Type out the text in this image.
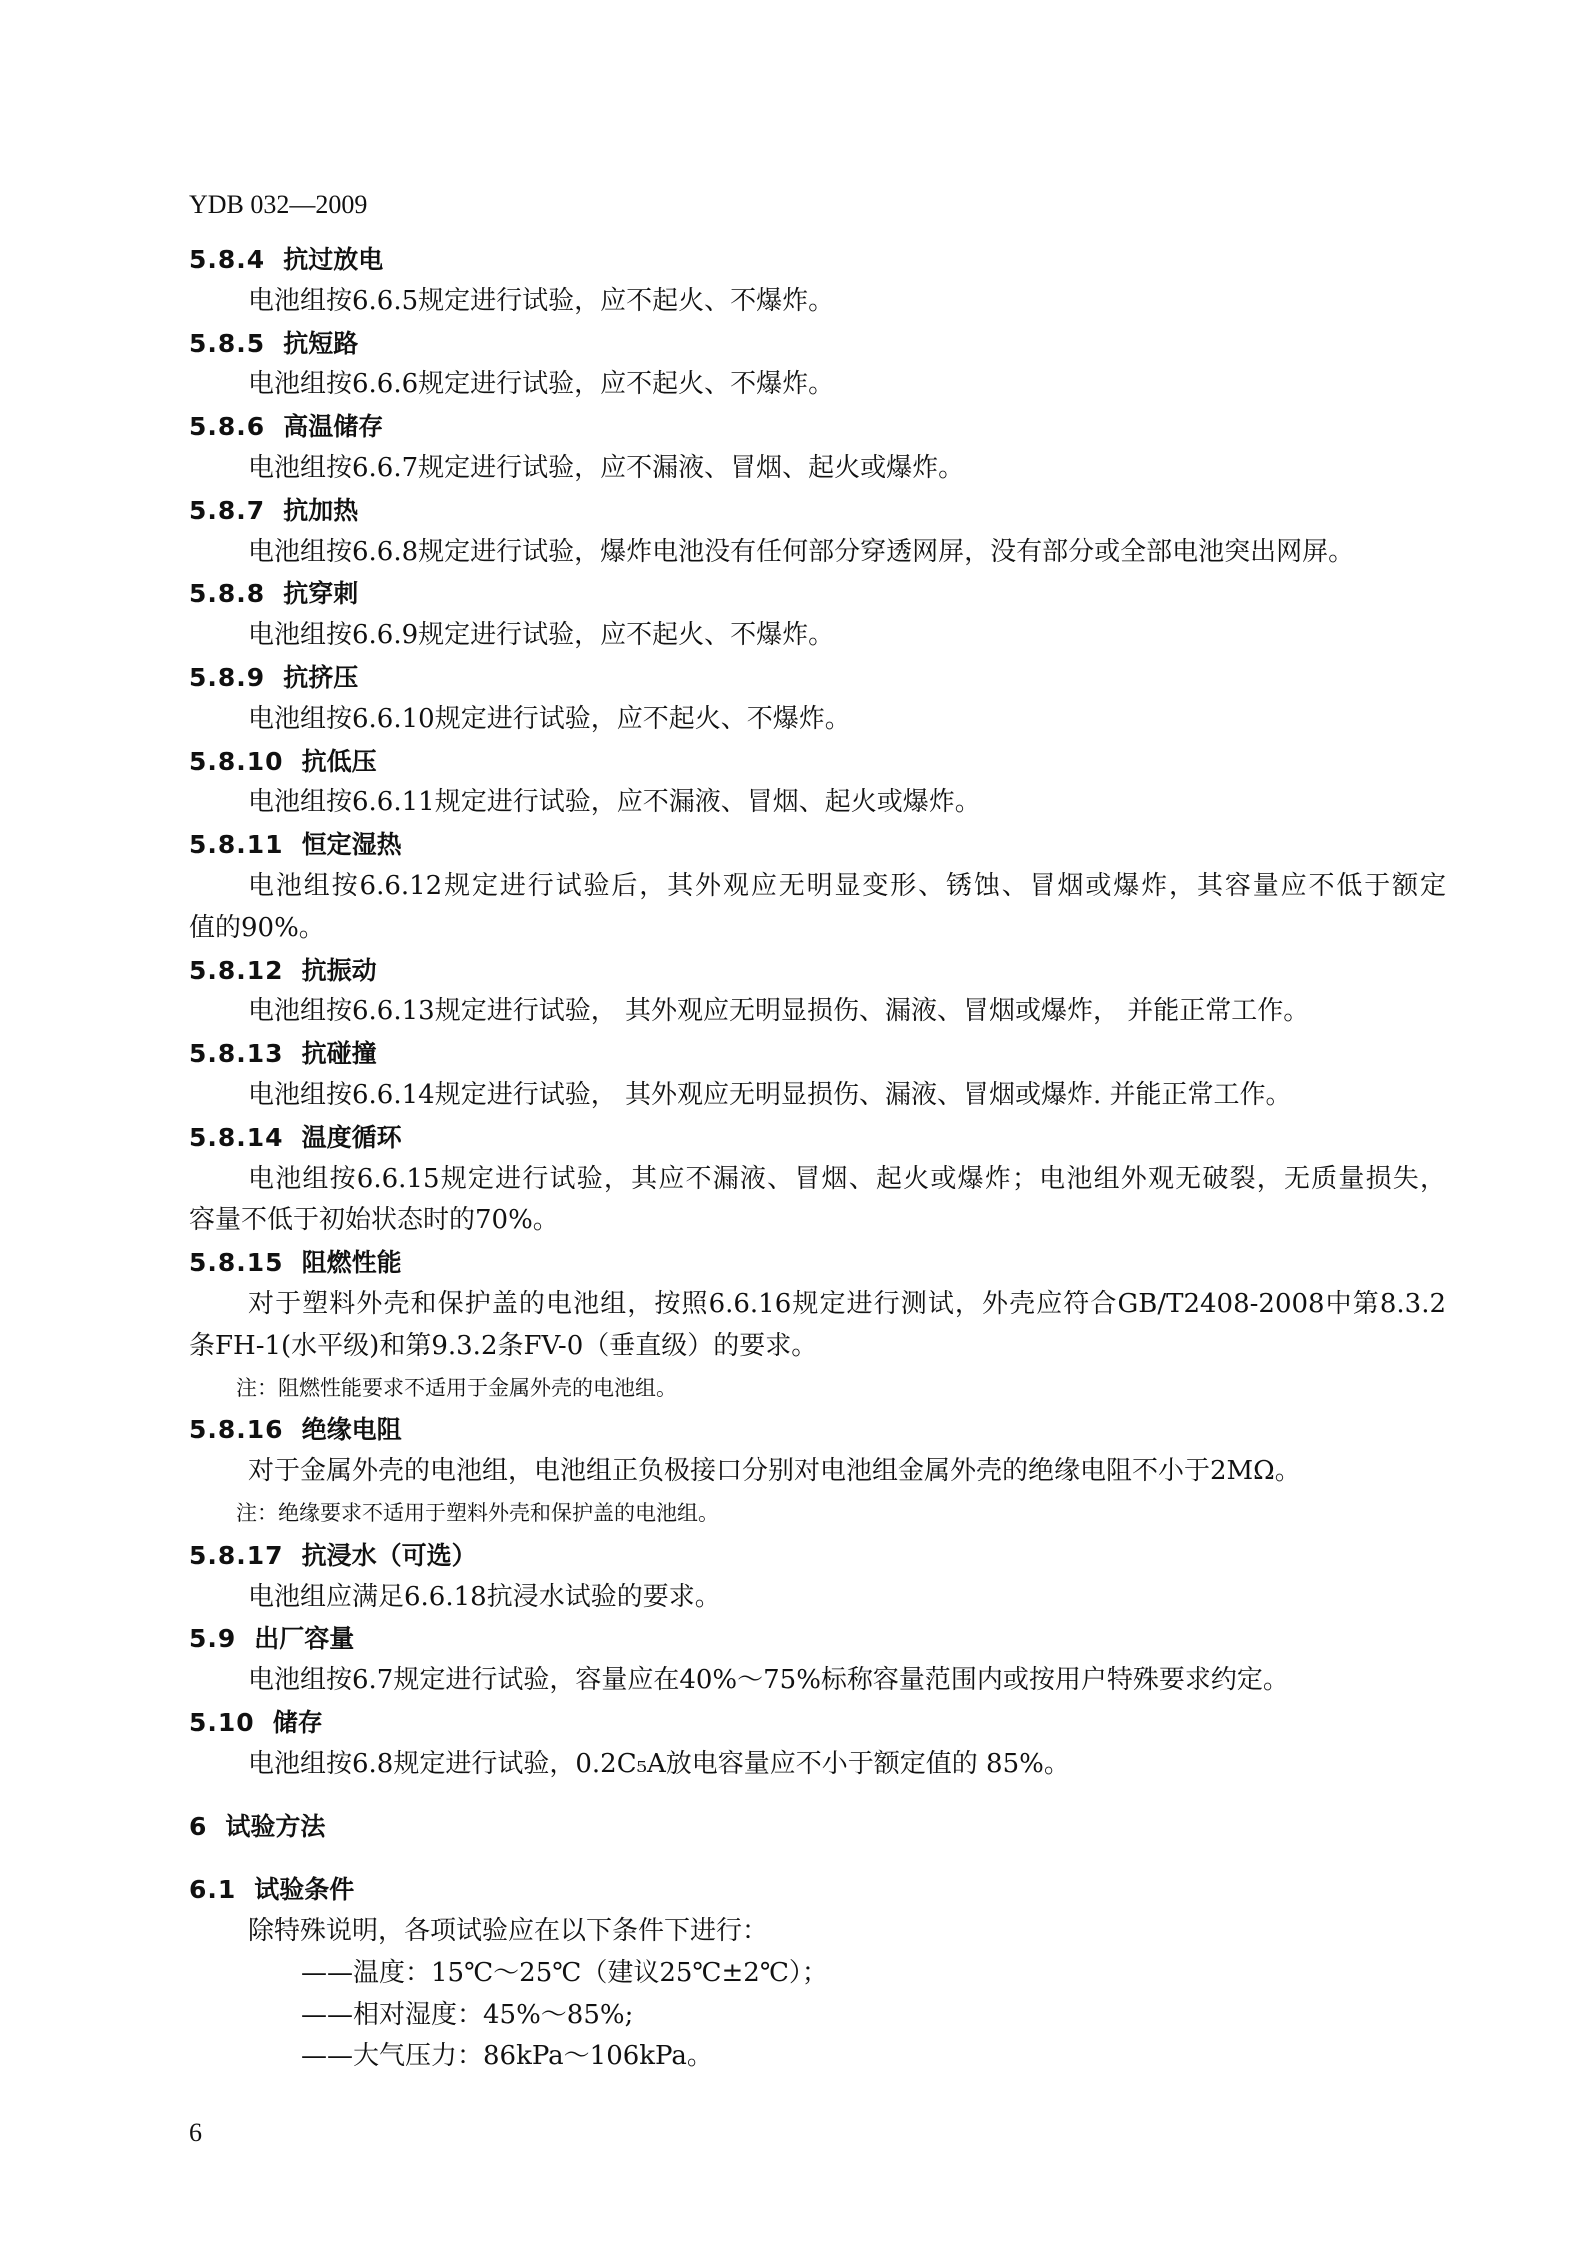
YDB 032—2009
5.8.4 抗过放电
电池组按6.6.5规定进行试验，应不起火、不爆炸。
5.8.5 抗短路
电池组按6.6.6规定进行试验，应不起火、不爆炸。
5.8.6 高温储存
电池组按6.6.7规定进行试验，应不漏液、冒烟、起火或爆炸。
5.8.7 抗加热
电池组按6.6.8规定进行试验，爆炸电池没有任何部分穿透网屏，没有部分或全部电池突出网屏。
5.8.8 抗穿刺
电池组按6.6.9规定进行试验，应不起火、不爆炸。
5.8.9 抗挤压
电池组按6.6.10规定进行试验，应不起火、不爆炸。
5.8.10 抗低压
电池组按6.6.11规定进行试验，应不漏液、冒烟、起火或爆炸。
5.8.11 恒定湿热
电池组按6.6.12规定进行试验后，其外观应无明显变形、锈蚀、冒烟或爆炸，其容量应不低于额定
值的90%。
5.8.12 抗振动
电池组按6.6.13规定进行试验， 其外观应无明显损伤、漏液、冒烟或爆炸， 并能正常工作。
5.8.13 抗碰撞
电池组按6.6.14规定进行试验， 其外观应无明显损伤、漏液、冒烟或爆炸. 并能正常工作。
5.8.14 温度循环
电池组按6.6.15规定进行试验，其应不漏液、冒烟、起火或爆炸；电池组外观无破裂，无质量损失，
容量不低于初始状态时的70%。
5.8.15 阻燃性能
对于塑料外壳和保护盖的电池组，按照6.6.16规定进行测试，外壳应符合GB/T2408-2008中第8.3.2
条FH-1(水平级)和第9.3.2条FV-0（垂直级）的要求。
注：阻燃性能要求不适用于金属外壳的电池组。
5.8.16 绝缘电阻
对于金属外壳的电池组，电池组正负极接口分别对电池组金属外壳的绝缘电阻不小于2MΩ。
注：绝缘要求不适用于塑料外壳和保护盖的电池组。
5.8.17 抗浸水（可选）
电池组应满足6.6.18抗浸水试验的要求。
5.9 出厂容量
电池组按6.7规定进行试验，容量应在40%～75%标称容量范围内或按用户特殊要求约定。
5.10 储存
电池组按6.8规定进行试验，0.2C₅A放电容量应不小于额定值的 85%。
6 试验方法
6.1 试验条件
除特殊说明，各项试验应在以下条件下进行：
——温度：15℃～25℃（建议25℃±2℃）；
——相对湿度：45%～85%;
——大气压力：86kPa～106kPa。
6
